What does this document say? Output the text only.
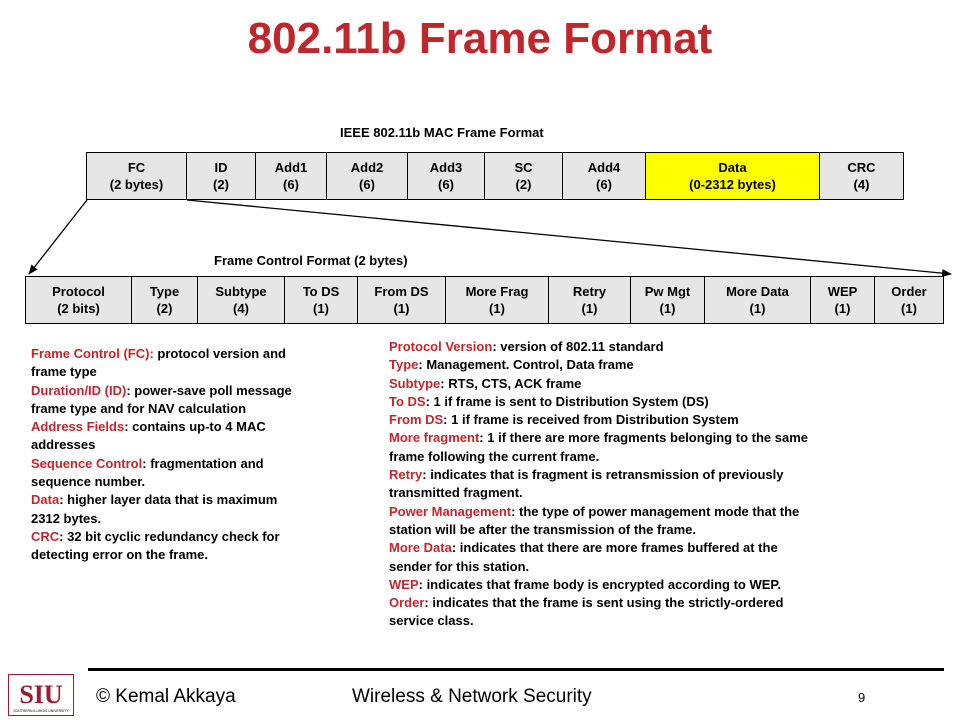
802.11b Frame Format
IEEE 802.11b MAC Frame Format
FC
(2 bytes)
ID
(2)
Add1
(6)
Add2
(6)
Add3
(6)
SC
(2)
Add4
(6)
Data
(0-2312 bytes)
CRC
(4)
Frame Control Format (2 bytes)
Protocol
(2 bits)
Type
(2)
Subtype
(4)
To DS
(1)
From DS
(1)
More Frag
(1)
Retry
(1)
Pw Mgt
(1)
More Data
(1)
WEP
(1)
Order
(1)
Frame Control (FC): protocol version and
frame type
Duration/ID (ID): power-save poll message
frame type and for NAV calculation
Address Fields: contains up-to 4 MAC
addresses
Sequence Control: fragmentation and
sequence number.
Data: higher layer data that is maximum
2312 bytes.
CRC: 32 bit cyclic redundancy check for
detecting error on the frame.
Protocol Version: version of 802.11 standard
Type: Management. Control, Data frame
Subtype: RTS, CTS, ACK frame
To DS: 1 if frame is sent to Distribution System (DS)
From DS: 1 if frame is received from Distribution System
More fragment: 1 if there are more fragments belonging to the same
frame following the current frame.
Retry: indicates that is fragment is retransmission of previously
transmitted fragment.
Power Management: the type of power management mode that the
station will be after the transmission of the frame.
More Data: indicates that there are more frames buffered at the
sender for this station.
WEP: indicates that frame body is encrypted according to WEP.
Order: indicates that the frame is sent using the strictly-ordered
service class.
SIU
SOUTHERN ILLINOIS UNIVERSITY
© Kemal Akkaya	Wireless & Network Security	9
